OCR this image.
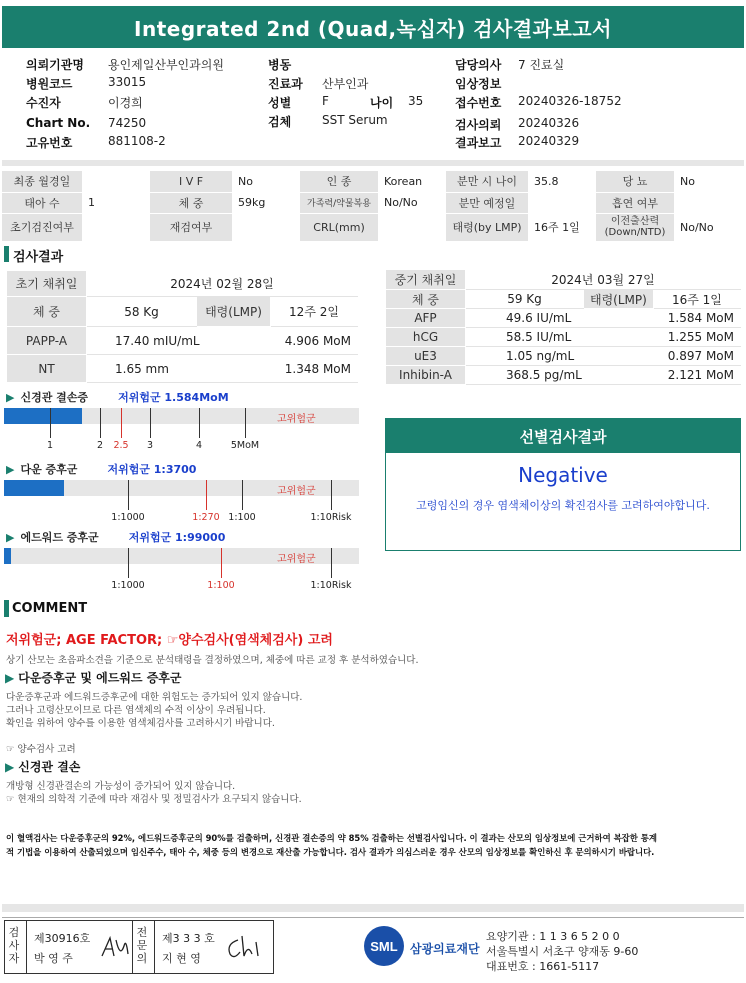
Integrated 2nd (Quad,녹십자) 검사결과보고서
의뢰기관명 용인제일산부인과의원
병원코드	33015
수진자	이경희
Chart No. 74250
고유번호	881108-2
병동
진료과 산부인과
성별	F	나이 35
검체	SST Serum
담당의사 7 진료실
임상정보
접수번호 20240326-18752
검사의뢰 20240326
결과보고 20240329
최종 월경일		I V F	No	인 종	Korean	분만 시 나이	35.8	당 뇨	No
태아 수	1	체 중	59kg	가족력/약물복용	No/No	분만 예정일		흡연 여부	
초기검진여부		재검여부		CRL(mm)		태령(by LMP)	16주 1일	이전출산력
(Down/NTD)	No/No
검사결과
초기 채취일	2024년 02월 28일		
체 중	58 Kg	태령(LMP)	12주 2일
PAPP-A	17.40 mIU/mL		4.906 MoM
NT	1.65 mm		1.348 MoM
중기 채취일	2024년 03월 27일		
체 중	59 Kg	태령(LMP)	16주 1일
AFP	49.6 IU/mL		1.584 MoM
hCG	58.5 IU/mL		1.255 MoM
uE3	1.05 ng/mL		0.897 MoM
Inhibin-A	368.5 pg/mL		2.121 MoM
▶ 신경관 결손증	저위험군 1.584MoM
고위험군
1	2 2.5 3	4	5MoM
▶ 다운 증후군	저위험군 1:3700
고위험군
1:1000	1:270 1:100	1:10Risk
▶ 에드워드 증후군	저위험군 1:99000
고위험군
1:1000	1:100	1:10Risk
선별검사결과
Negative
고령임신의 경우 염색체이상의 확진검사를 고려하여야합니다.
COMMENT
저위험군; AGE FACTOR; ☞양수검사(염색체검사) 고려
상기 산모는 초음파소견을 기준으로 분석태령을 결정하였으며, 체중에 따른 교정 후 분석하였습니다.
▶ 다운증후군 및 에드워드 증후군
다운증후군과 에드워드증후군에 대한 위험도는 증가되어 있지 않습니다.
그러나 고령산모이므로 다른 염색체의 수적 이상이 우려됩니다.
확인을 위하여 양수를 이용한 염색체검사를 고려하시기 바랍니다.
☞ 양수검사 고려
▶ 신경관 결손
개방형 신경관결손의 가능성이 증가되어 있지 않습니다.
☞ 현재의 의학적 기준에 따라 재검사 및 정밀검사가 요구되지 않습니다.
이 혈액검사는 다운증후군의 92%, 에드워드증후군의 90%를 검출하며, 신경관 결손증의 약 85% 검출하는 선별검사입니다. 이 결과는 산모의 임상정보에 근거하여 복잡한 통계
적 기법을 이용하여 산출되었으며 임신주수, 태아 수, 체중 등의 변경으로 재산출 가능합니다. 검사 결과가 의심스러운 경우 산모의 임상정보를 확인하신 후 문의하시기 바랍니다.
검사자
제30916호
박 영 주
전문의
제3 3 3 호
지 현 영
SML 삼광의료재단
요양기관 : 1 1 3 6 5 2 0 0
서울특별시 서초구 양재동 9-60
대표번호 : 1661-5117
